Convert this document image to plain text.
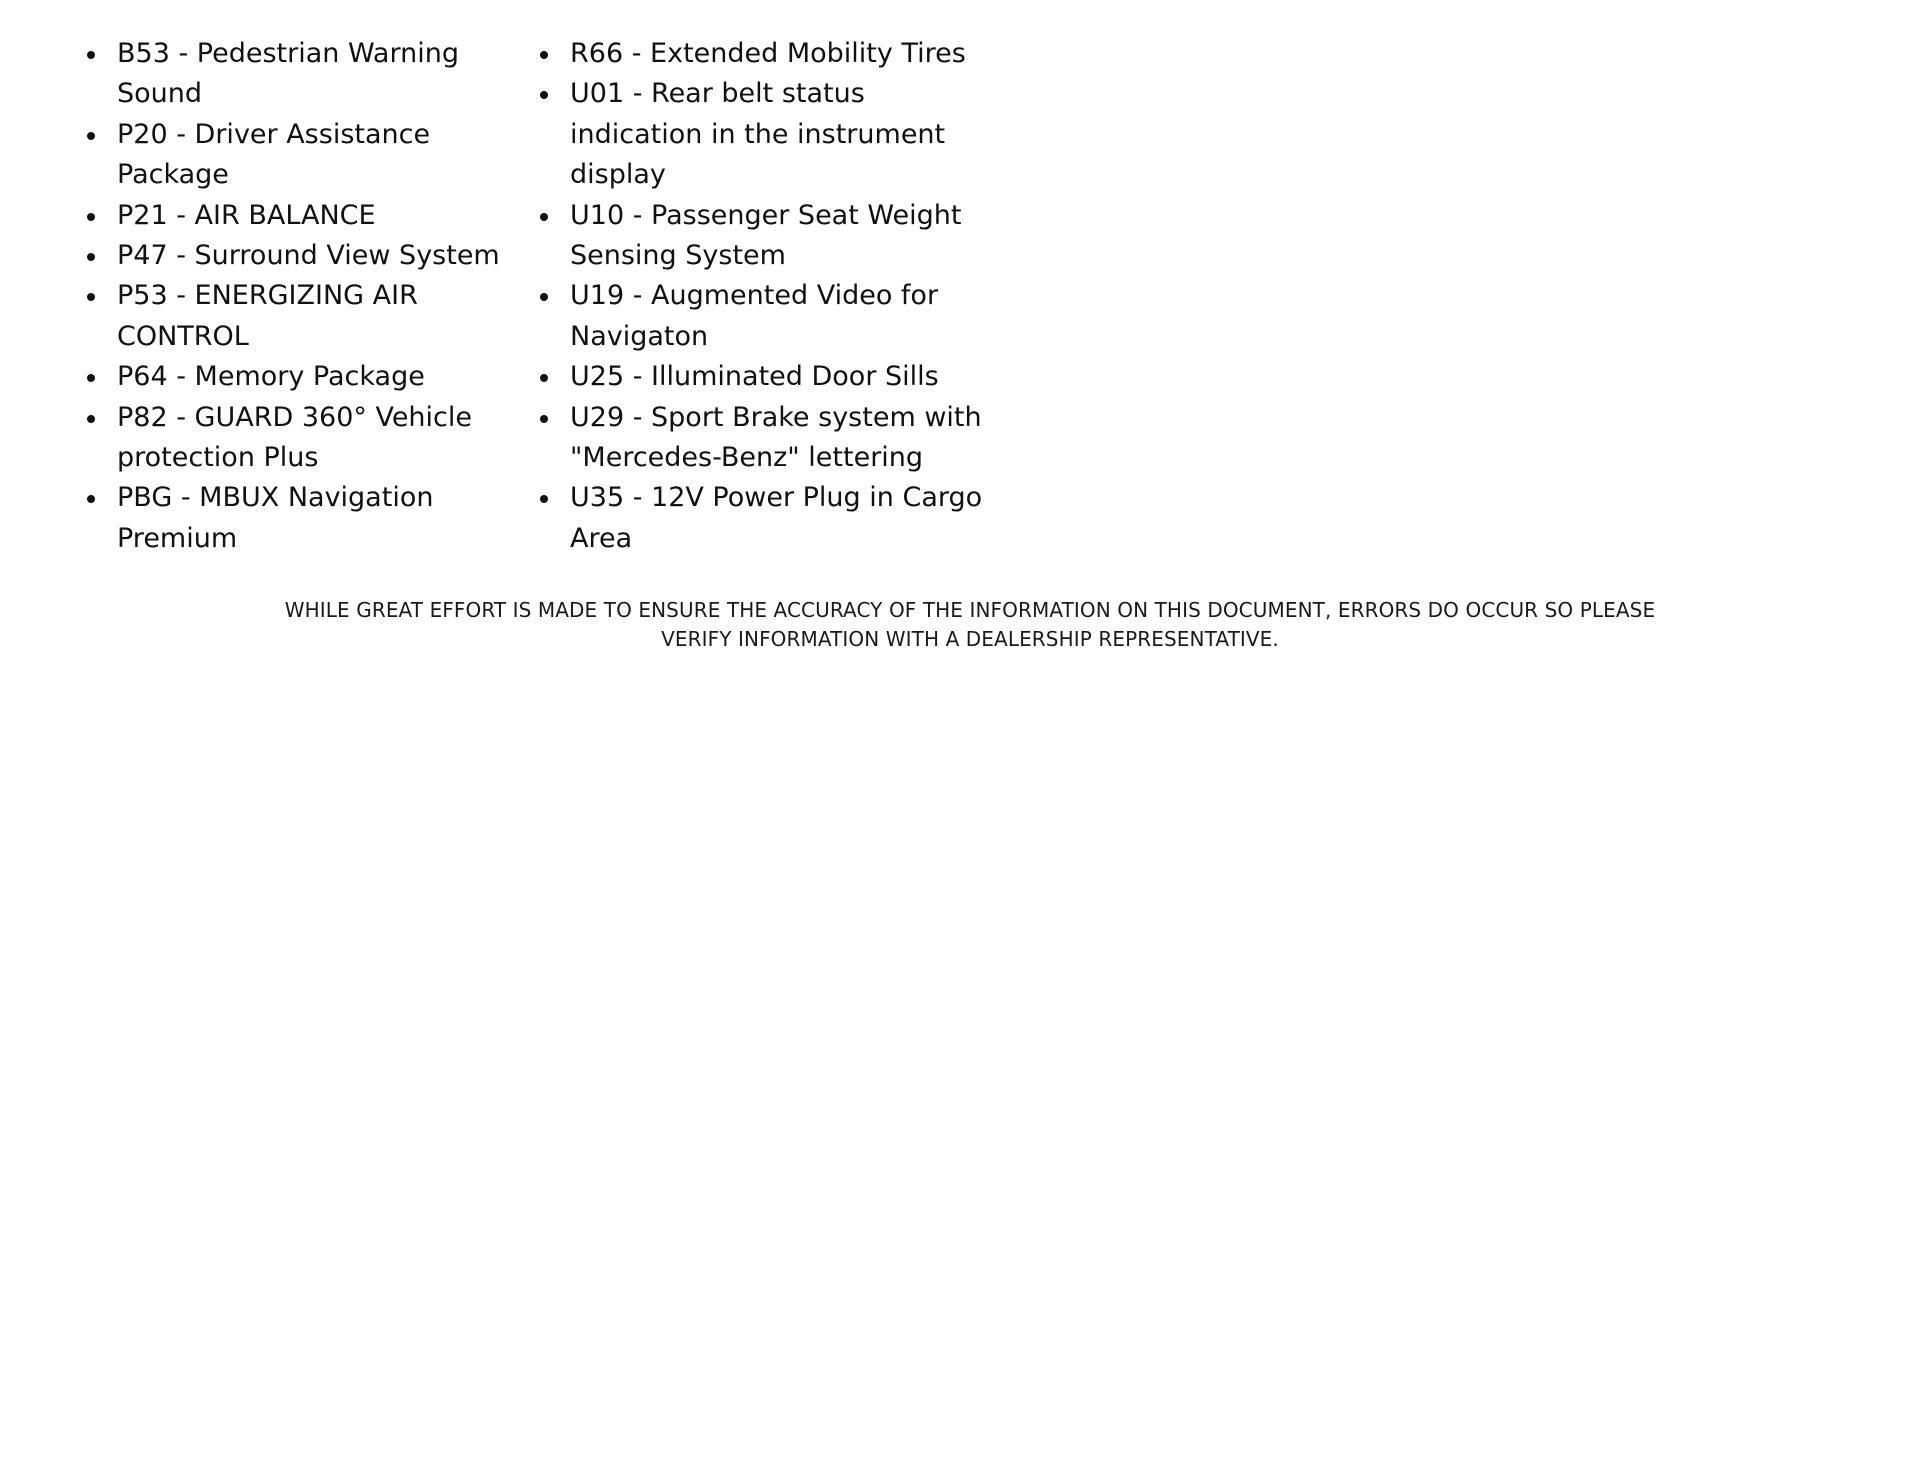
B53 - Pedestrian Warning Sound
P20 - Driver Assistance Package
P21 - AIR BALANCE
P47 - Surround View System
P53 - ENERGIZING AIR CONTROL
P64 - Memory Package
P82 - GUARD 360° Vehicle protection Plus
PBG - MBUX Navigation Premium
R66 - Extended Mobility Tires
U01 - Rear belt status indication in the instrument display
U10 - Passenger Seat Weight Sensing System
U19 - Augmented Video for Navigaton
U25 - Illuminated Door Sills
U29 - Sport Brake system with "Mercedes-Benz" lettering
U35 - 12V Power Plug in Cargo Area
WHILE GREAT EFFORT IS MADE TO ENSURE THE ACCURACY OF THE INFORMATION ON THIS DOCUMENT, ERRORS DO OCCUR SO PLEASE
VERIFY INFORMATION WITH A DEALERSHIP REPRESENTATIVE.
